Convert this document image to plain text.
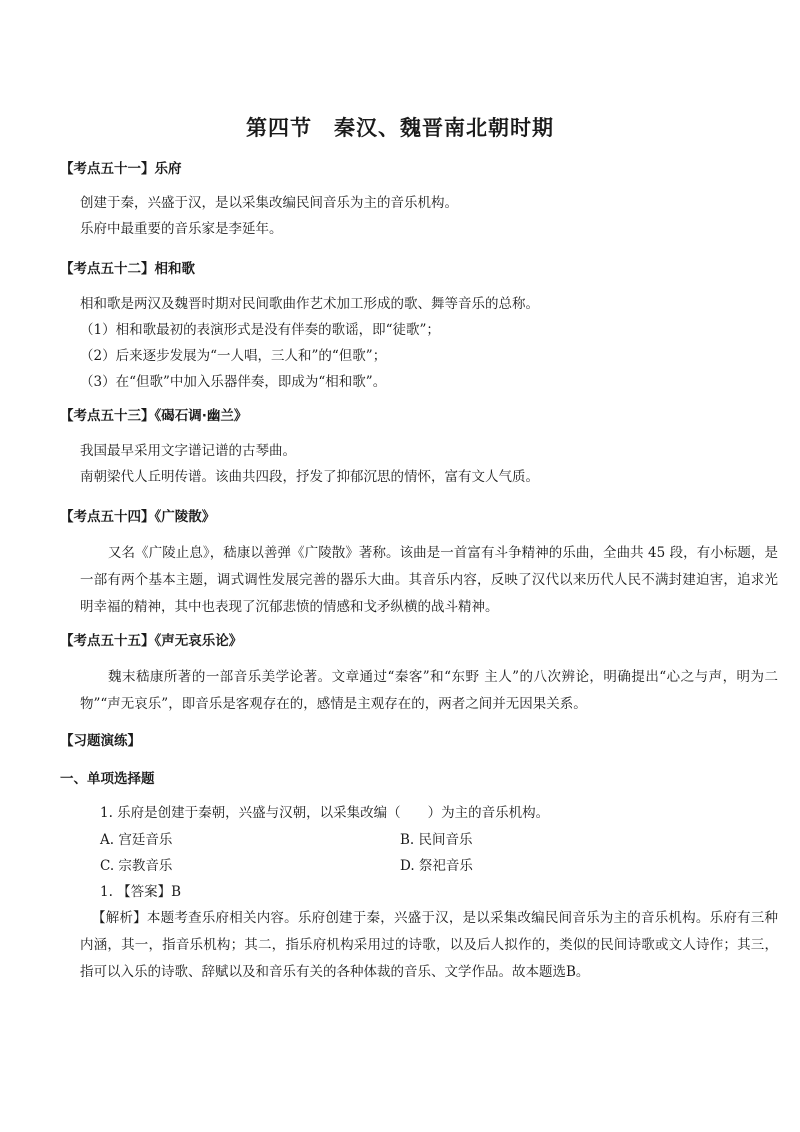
第四节　秦汉、魏晋南北朝时期
【考点五十一】乐府
创建于秦，兴盛于汉，是以采集改编民间音乐为主的音乐机构。
乐府中最重要的音乐家是李延年。
【考点五十二】相和歌
相和歌是两汉及魏晋时期对民间歌曲作艺术加工形成的歌、舞等音乐的总称。
（1）相和歌最初的表演形式是没有伴奏的歌谣，即“徒歌”；
（2）后来逐步发展为“一人唱，三人和”的“但歌”；
（3）在“但歌”中加入乐器伴奏，即成为“相和歌”。
【考点五十三】《碣石调·幽兰》
我国最早采用文字谱记谱的古琴曲。
南朝梁代人丘明传谱。该曲共四段，抒发了抑郁沉思的情怀，富有文人气质。
【考点五十四】《广陵散》
又名《广陵止息》，嵇康以善弹《广陵散》著称。该曲是一首富有斗争精神的乐曲，全曲共 45 段，有小标题，是一部有两个基本主题，调式调性发展完善的器乐大曲。其音乐内容，反映了汉代以来历代人民不满封建迫害，追求光明幸福的精神，其中也表现了沉郁悲愤的情感和戈矛纵横的战斗精神。
【考点五十五】《声无哀乐论》
魏末嵇康所著的一部音乐美学论著。文章通过“秦客”和“东野 主人”的八次辨论，明确提出“心之与声，明为二物”“声无哀乐”，即音乐是客观存在的，感情是主观存在的，两者之间并无因果关系。
【习题演练】
一、单项选择题
1. 乐府是创建于秦朝，兴盛与汉朝，以采集改编（　　）为主的音乐机构。
A. 宫廷音乐	B. 民间音乐
C. 宗教音乐	D. 祭祀音乐
1. 【答案】B
【解析】本题考查乐府相关内容。乐府创建于秦，兴盛于汉，是以采集改编民间音乐为主的音乐机构。乐府有三种内涵，其一，指音乐机构；其二，指乐府机构采用过的诗歌，以及后人拟作的，类似的民间诗歌或文人诗作；其三，指可以入乐的诗歌、辞赋以及和音乐有关的各种体裁的音乐、文学作品。故本题选B。
